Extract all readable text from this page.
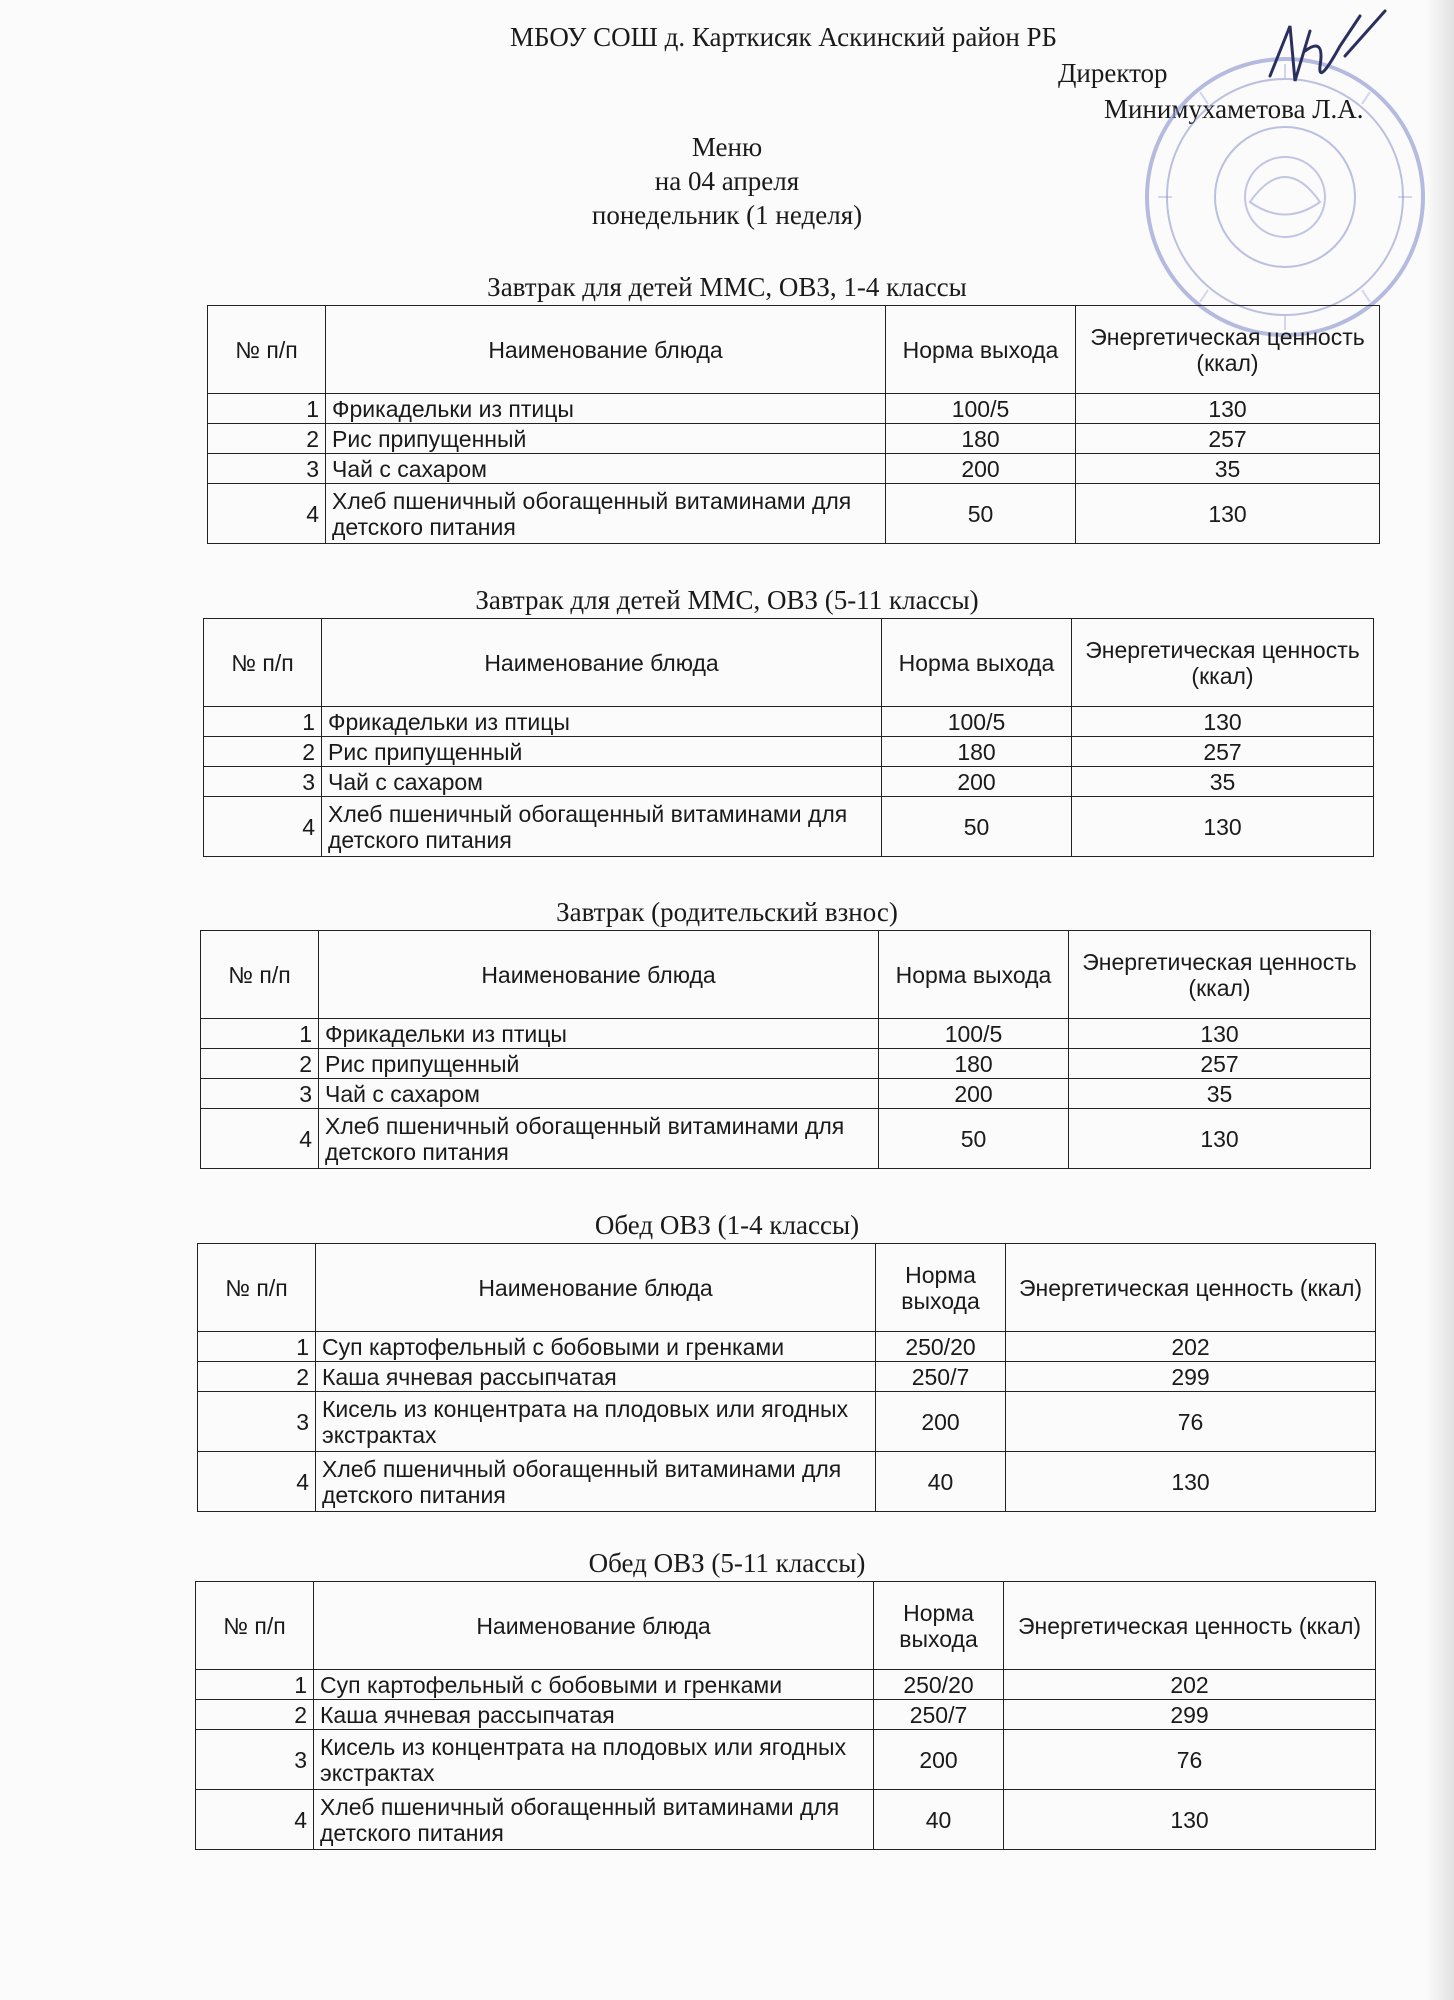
МБОУ СОШ д. Карткисяк Аскинский район РБ
Директор
Минимухаметова Л.А.
Меню
на 04 апреля
понедельник (1 неделя)
Завтрак для детей ММС, ОВЗ, 1-4 классы
№ п/п	Наименование блюда	Норма выхода	Энергетическая ценность (ккал)
1	Фрикадельки из птицы	100/5	130
2	Рис припущенный	180	257
3	Чай с сахаром	200	35
4	Хлеб пшеничный обогащенный витаминами для детского питания	50	130
Завтрак для детей ММС, ОВЗ (5-11 классы)
№ п/п	Наименование блюда	Норма выхода	Энергетическая ценность (ккал)
1	Фрикадельки из птицы	100/5	130
2	Рис припущенный	180	257
3	Чай с сахаром	200	35
4	Хлеб пшеничный обогащенный витаминами для детского питания	50	130
Завтрак (родительский взнос)
№ п/п	Наименование блюда	Норма выхода	Энергетическая ценность (ккал)
1	Фрикадельки из птицы	100/5	130
2	Рис припущенный	180	257
3	Чай с сахаром	200	35
4	Хлеб пшеничный обогащенный витаминами для детского питания	50	130
Обед ОВЗ (1-4 классы)
№ п/п	Наименование блюда	Норма выхода	Энергетическая ценность (ккал)
1	Суп картофельный с бобовыми и гренками	250/20	202
2	Каша ячневая рассыпчатая	250/7	299
3	Кисель из концентрата на плодовых или ягодных экстрактах	200	76
4	Хлеб пшеничный обогащенный витаминами для детского питания	40	130
Обед ОВЗ (5-11 классы)
№ п/п	Наименование блюда	Норма выхода	Энергетическая ценность (ккал)
1	Суп картофельный с бобовыми и гренками	250/20	202
2	Каша ячневая рассыпчатая	250/7	299
3	Кисель из концентрата на плодовых или ягодных экстрактах	200	76
4	Хлеб пшеничный обогащенный витаминами для детского питания	40	130
